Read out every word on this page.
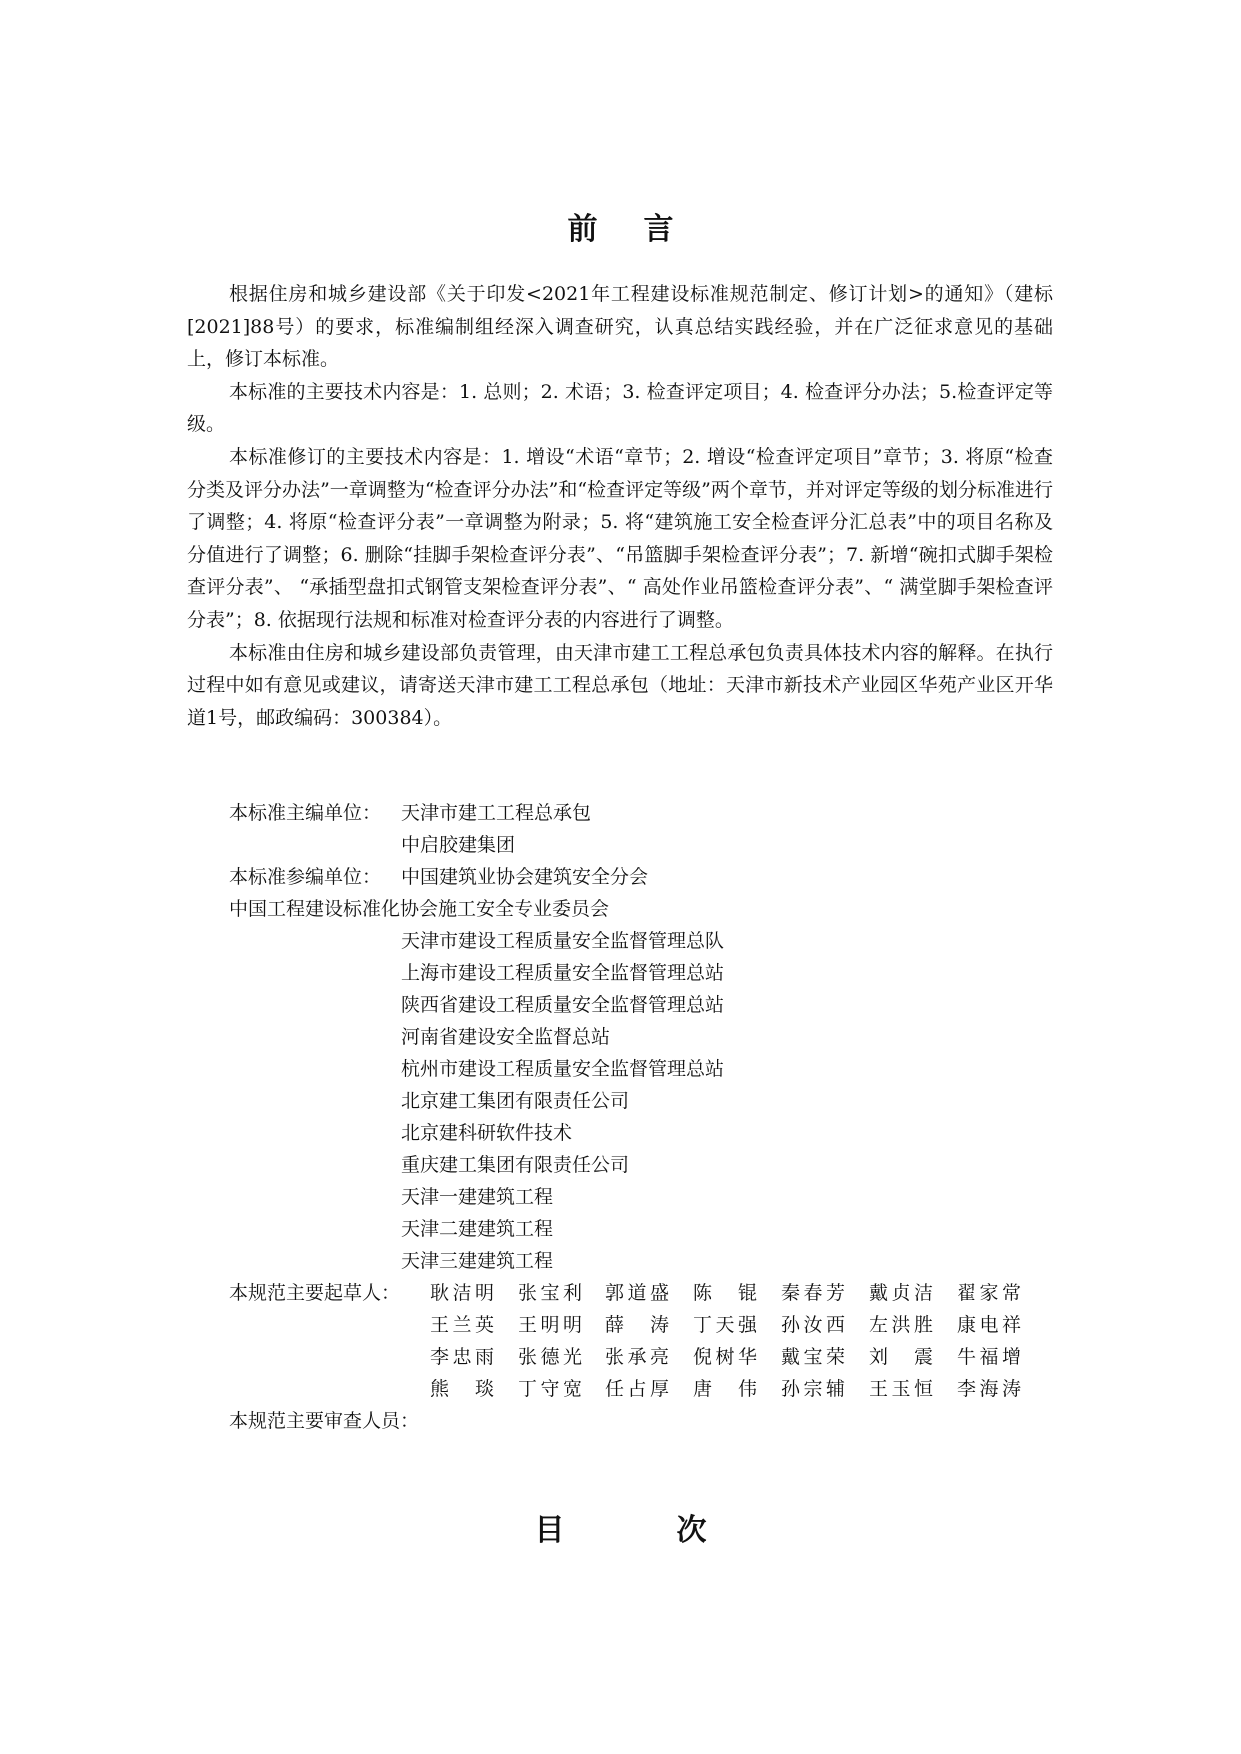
前 言

根据住房和城乡建设部《关于印发<2021年工程建设标准规范制定、修订计划>的通知》（建标[2021]88号）的要求，标准编制组经深入调查研究，认真总结实践经验，并在广泛征求意见的基础上，修订本标准。

本标准的主要技术内容是：1. 总则；2. 术语；3. 检查评定项目；4. 检查评分办法；5.检查评定等级。

本标准修订的主要技术内容是：1. 增设“术语“章节；2. 增设“检查评定项目”章节；3. 将原“检查分类及评分办法”一章调整为“检查评分办法”和“检查评定等级”两个章节，并对评定等级的划分标准进行了调整；4. 将原“检查评分表”一章调整为附录；5. 将“建筑施工安全检查评分汇总表”中的项目名称及分值进行了调整；6. 删除“挂脚手架检查评分表”、“吊篮脚手架检查评分表”；7. 新增“碗扣式脚手架检查评分表”、 “承插型盘扣式钢管支架检查评分表”、“ 高处作业吊篮检查评分表”、“ 满堂脚手架检查评分表”；8. 依据现行法规和标准对检查评分表的内容进行了调整。

本标准由住房和城乡建设部负责管理，由天津市建工工程总承包负责具体技术内容的解释。在执行过程中如有意见或建议，请寄送天津市建工工程总承包（地址：天津市新技术产业园区华苑产业区开华道1号，邮政编码：300384）。

本标准主编单位： 天津市建工工程总承包
中启胶建集团
本标准参编单位： 中国建筑业协会建筑安全分会
中国工程建设标准化协会施工安全专业委员会
天津市建设工程质量安全监督管理总队
上海市建设工程质量安全监督管理总站
陕西省建设工程质量安全监督管理总站
河南省建设安全监督总站
杭州市建设工程质量安全监督管理总站
北京建工集团有限责任公司
北京建科研软件技术
重庆建工集团有限责任公司
天津一建建筑工程
天津二建建筑工程
天津三建建筑工程
本规范主要起草人： 耿洁明 张宝利 郭道盛 陈　锟 秦春芳 戴贞洁 翟家常
王兰英 王明明 薛　涛 丁天强 孙汝西 左洪胜 康电祥
李忠雨 张德光 张承亮 倪树华 戴宝荣 刘　震 牛福增
熊　琰 丁守宽 任占厚 唐　伟 孙宗辅 王玉恒 李海涛
本规范主要审查人员：
目	次
